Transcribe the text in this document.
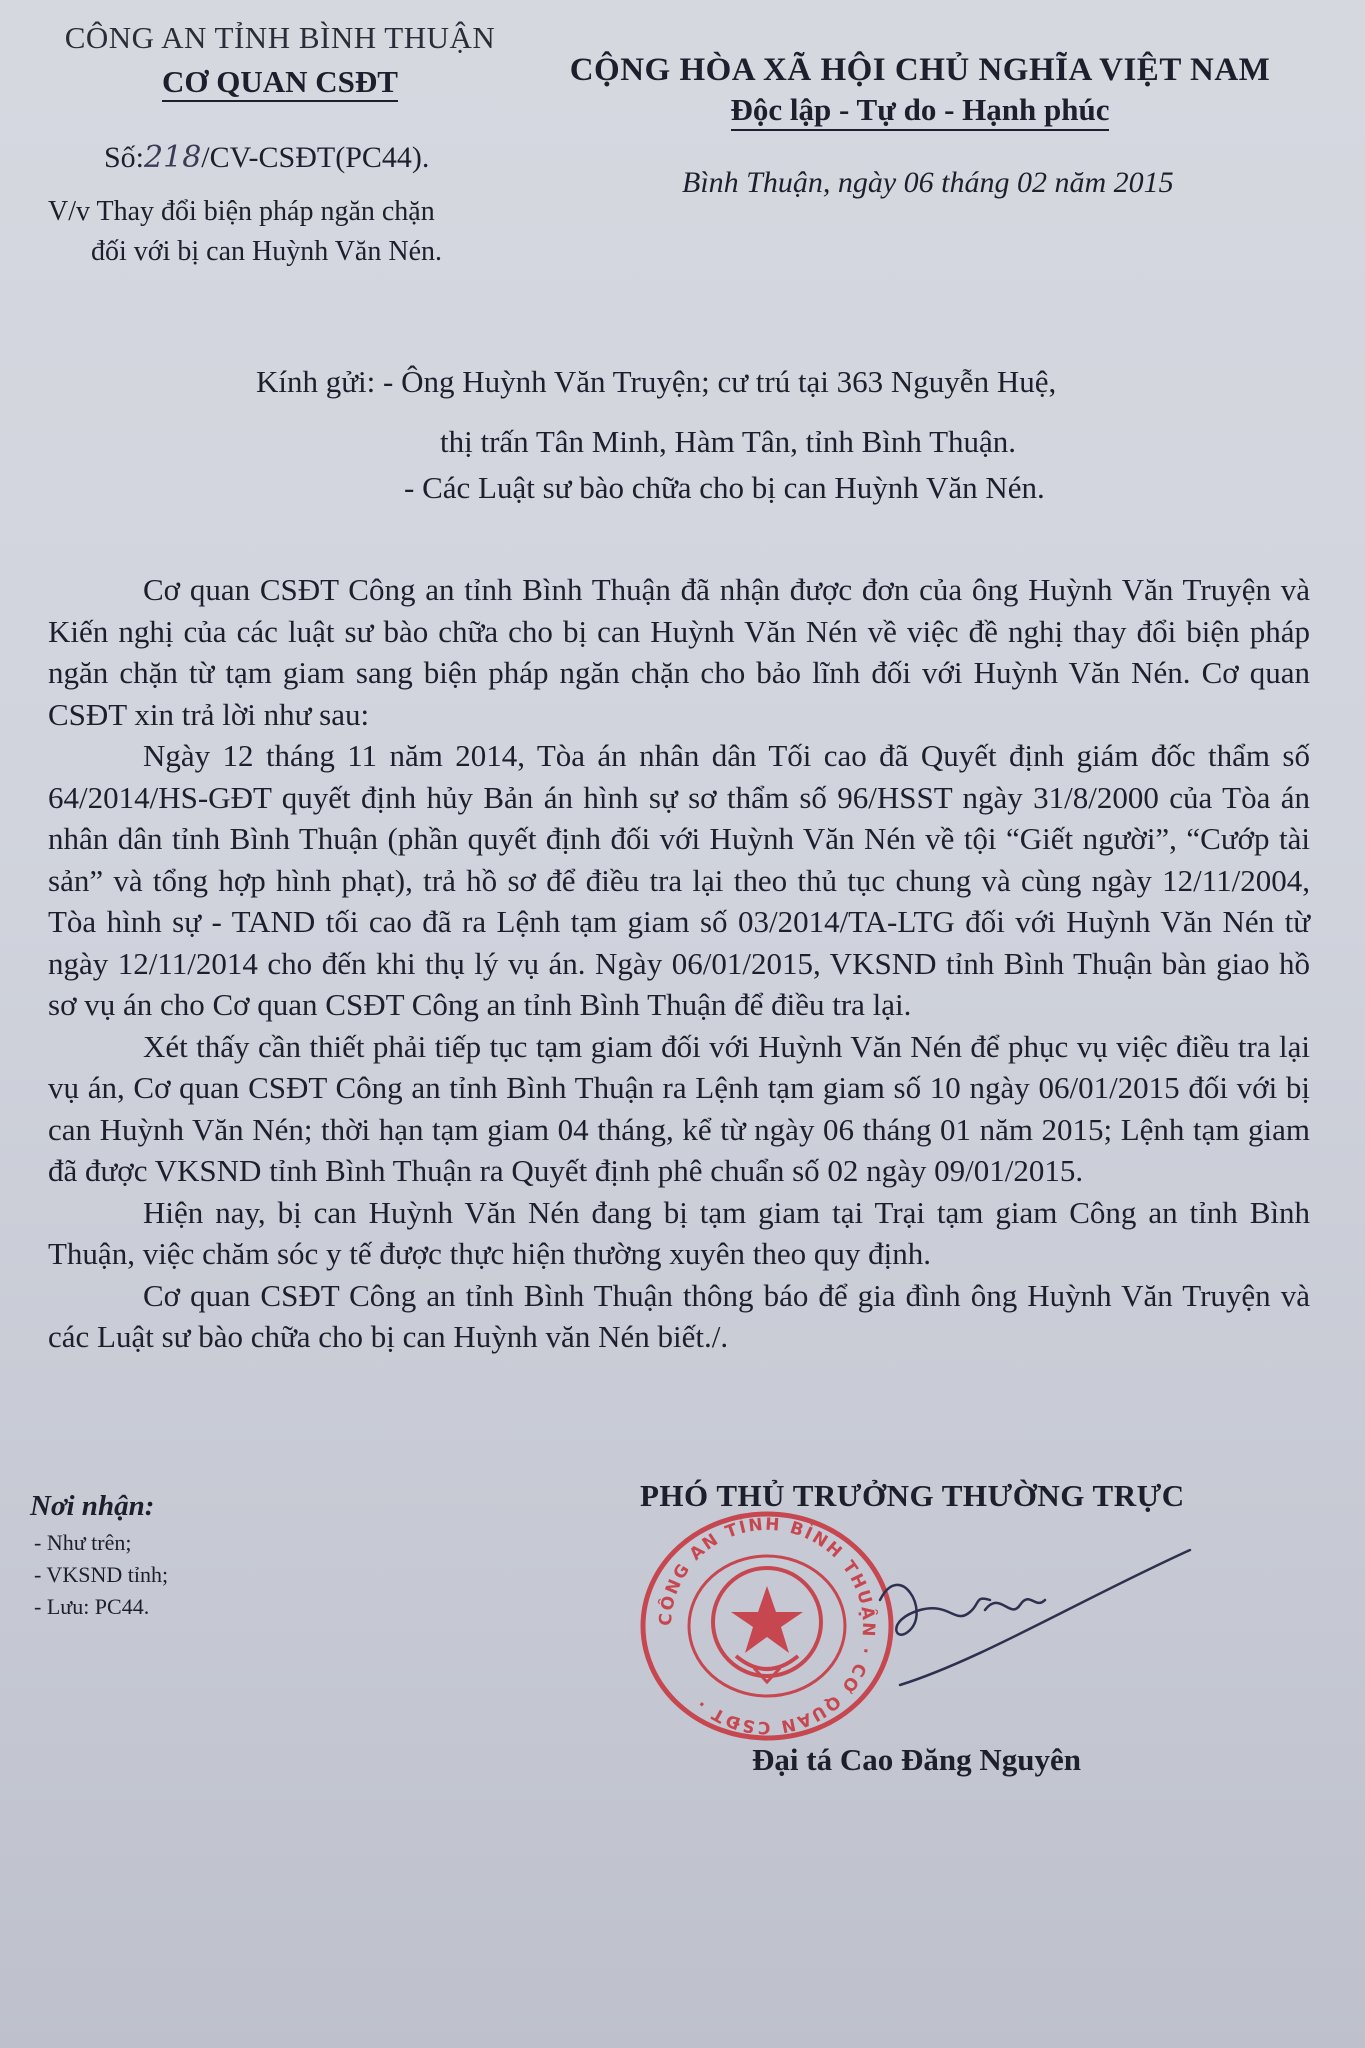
CÔNG AN TỈNH BÌNH THUẬN
CƠ QUAN CSĐT	CỘNG HÒA XÃ HỘI CHỦ NGHĨA VIỆT NAM
Độc lập - Tự do - Hạnh phúc
Số:218/CV-CSĐT(PC44).
Bình Thuận, ngày 06 tháng 02 năm 2015
V/v Thay đổi biện pháp ngăn chặn
đối với bị can Huỳnh Văn Nén.
Kính gửi: - Ông Huỳnh Văn Truyện; cư trú tại 363 Nguyễn Huệ,
thị trấn Tân Minh, Hàm Tân, tỉnh Bình Thuận.
- Các Luật sư bào chữa cho bị can Huỳnh Văn Nén.

Cơ quan CSĐT Công an tỉnh Bình Thuận đã nhận được đơn của ông Huỳnh Văn Truyện và Kiến nghị của các luật sư bào chữa cho bị can Huỳnh Văn Nén về việc đề nghị thay đổi biện pháp ngăn chặn từ tạm giam sang biện pháp ngăn chặn cho bảo lĩnh đối với Huỳnh Văn Nén. Cơ quan CSĐT xin trả lời như sau:

Ngày 12 tháng 11 năm 2014, Tòa án nhân dân Tối cao đã Quyết định giám đốc thẩm số 64/2014/HS-GĐT quyết định hủy Bản án hình sự sơ thẩm số 96/HSST ngày 31/8/2000 của Tòa án nhân dân tỉnh Bình Thuận (phần quyết định đối với Huỳnh Văn Nén về tội “Giết người”, “Cướp tài sản” và tổng hợp hình phạt), trả hồ sơ để điều tra lại theo thủ tục chung và cùng ngày 12/11/2004, Tòa hình sự - TAND tối cao đã ra Lệnh tạm giam số 03/2014/TA-LTG đối với Huỳnh Văn Nén từ ngày 12/11/2014 cho đến khi thụ lý vụ án. Ngày 06/01/2015, VKSND tỉnh Bình Thuận bàn giao hồ sơ vụ án cho Cơ quan CSĐT Công an tỉnh Bình Thuận để điều tra lại.

Xét thấy cần thiết phải tiếp tục tạm giam đối với Huỳnh Văn Nén để phục vụ việc điều tra lại vụ án, Cơ quan CSĐT Công an tỉnh Bình Thuận ra Lệnh tạm giam số 10 ngày 06/01/2015 đối với bị can Huỳnh Văn Nén; thời hạn tạm giam 04 tháng, kể từ ngày 06 tháng 01 năm 2015; Lệnh tạm giam đã được VKSND tỉnh Bình Thuận ra Quyết định phê chuẩn số 02 ngày 09/01/2015.

Hiện nay, bị can Huỳnh Văn Nén đang bị tạm giam tại Trại tạm giam Công an tỉnh Bình Thuận, việc chăm sóc y tế được thực hiện thường xuyên theo quy định.

Cơ quan CSĐT Công an tỉnh Bình Thuận thông báo để gia đình ông Huỳnh Văn Truyện và các Luật sư bào chữa cho bị can Huỳnh văn Nén biết./.

Nơi nhận:
- Như trên;
- VKSND tỉnh;
- Lưu: PC44.
PHÓ THỦ TRƯỞNG THƯỜNG TRỰC
CÔNG AN TỈNH BÌNH THUẬN · CƠ QUAN CSĐT ·
Đại tá Cao Đăng Nguyên
